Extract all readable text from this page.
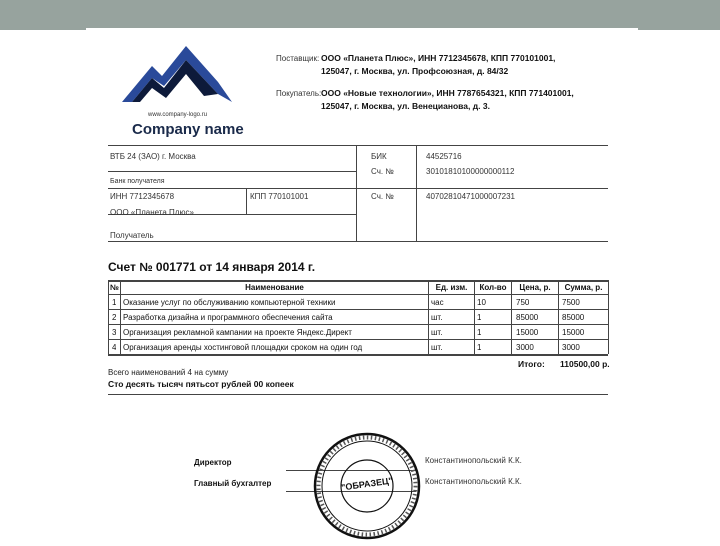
www.company-logo.ru
Company name
Поставщик: ООО «Планета Плюс», ИНН 7712345678, КПП 770101001,
125047, г. Москва, ул. Профсоюзная, д. 84/32
Покупатель: ООО «Новые технологии», ИНН 7787654321, КПП 771401001,
125047, г. Москва, ул. Венецианова, д. 3.
ВТБ 24 (ЗАО) г. Москва	БИК	44525716
Сч. №	30101810100000000112
Банк получателя
ИНН 7712345678	КПП 770101001	Сч. №	40702810471000007231
ООО «Планета Плюс»
Получатель
Счет № 001771 от 14 января 2014 г.
№	Наименование	Ед. изм.	Кол-во	Цена, р.	Сумма, р.
1 Оказание услуг по обслуживанию компьютерной техники	час	10	750	7500
2 Разработка дизайна и программного обеспечения сайта	шт.	1	85000	85000
3 Организация рекламной кампании на проекте Яндекс.Директ	шт.	1	15000	15000
4 Организация аренды хостинговой площадки сроком на один год	шт.	1	3000	3000
Итого: 110500,00 р.
Всего наименований 4 на сумму
Сто десять тысяч пятьсот рублей 00 копеек
Директор	Константинопольский К.К.
Главный бухгалтер	Константинопольский К.К.
"ОБРАЗЕЦ"
